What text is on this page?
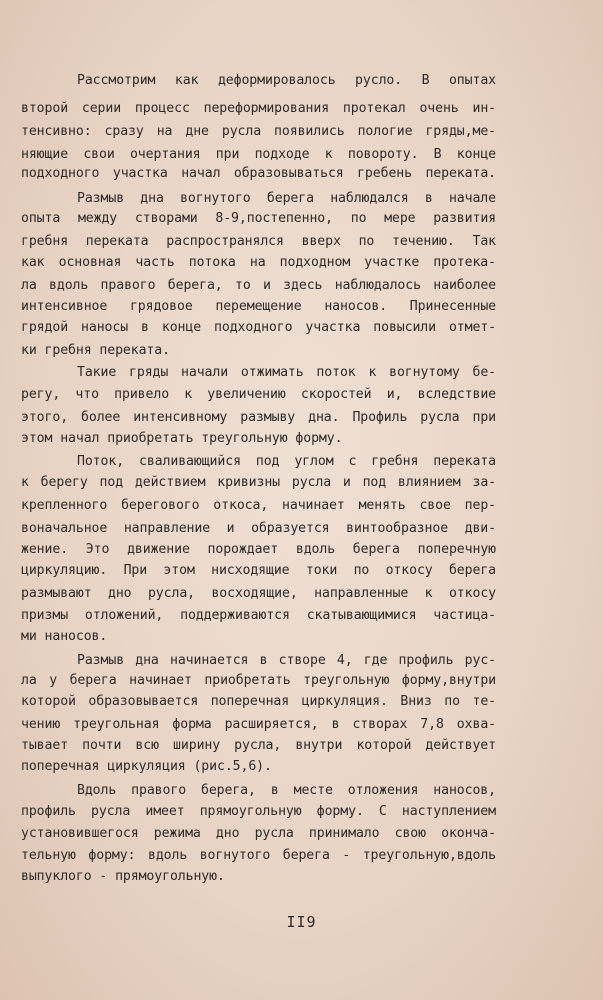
Рассмотрим как деформировалось русло. В опытах
второй серии процесс переформирования протекал очень ин-
тенсивно: сразу на дне русла появились пологие гряды,ме-
няющие свои очертания при подходе к повороту. В конце
подходного участка начал образовываться гребень переката.
Размыв дна вогнутого берега наблюдался в начале
опыта между створами 8-9,постепенно, по мере развития
гребня переката распространялся вверх по течению. Так
как основная часть потока на подходном участке протека-
ла вдоль правого берега, то и здесь наблюдалось наиболее
интенсивное грядовое перемещение наносов. Принесенные
грядой наносы в конце подходного участка повысили отмет-
ки гребня переката.
Такие гряды начали отжимать поток к вогнутому бе-
регу, что привело к увеличению скоростей и, вследствие
этого, более интенсивному размыву дна. Профиль русла при
этом начал приобретать треугольную форму.
Поток, сваливающийся под углом с гребня переката
к берегу под действием кривизны русла и под влиянием за-
крепленного берегового откоса, начинает менять свое пер-
воначальное направление и образуется винтообразное дви-
жение. Это движение порождает вдоль берега поперечную
циркуляцию. При этом нисходящие токи по откосу берега
размывают дно русла, восходящие, направленные к откосу
призмы отложений, поддерживаются скатывающимися частица-
ми наносов.
Размыв дна начинается в створе 4, где профиль рус-
ла у берега начинает приобретать треугольную форму,внутри
которой образовывается поперечная циркуляция. Вниз по те-
чению треугольная форма расширяется, в створах 7,8 охва-
тывает почти всю ширину русла, внутри которой действует
поперечная циркуляция (рис.5,6).
Вдоль правого берега, в месте отложения наносов,
профиль русла имеет прямоугольную форму. С наступлением
установившегося режима дно русла принимало свою оконча-
тельную форму: вдоль вогнутого берега - треугольную,вдоль
выпуклого - прямоугольную.
II9
